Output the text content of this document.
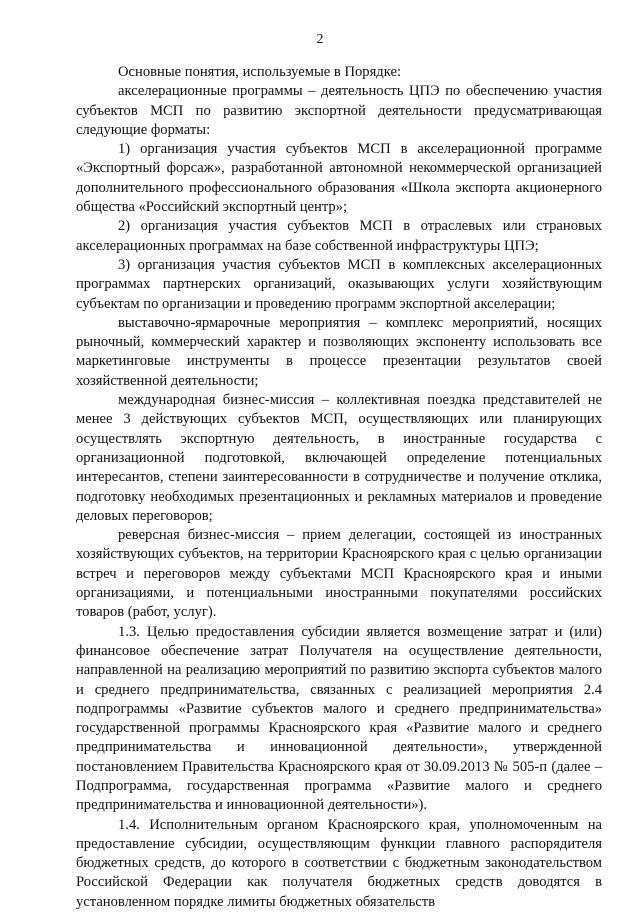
2

Основные понятия, используемые в Порядке:

акселерационные программы – деятельность ЦПЭ по обеспечению участия субъектов МСП по развитию экспортной деятельности предусматривающая следующие форматы:

1) организация участия субъектов МСП в акселерационной программе «Экспортный форсаж», разработанной автономной некоммерческой организацией дополнительного профессионального образования «Школа экспорта акционерного общества «Российский экспортный центр»;

2) организация участия субъектов МСП в отраслевых или страновых акселерационных программах на базе собственной инфраструктуры ЦПЭ;

3) организация участия субъектов МСП в комплексных акселерационных программах партнерских организаций, оказывающих услуги хозяйствующим субъектам по организации и проведению программ экспортной акселерации;

выставочно-ярмарочные мероприятия – комплекс мероприятий, носящих рыночный, коммерческий характер и позволяющих экспоненту использовать все маркетинговые инструменты в процессе презентации результатов своей хозяйственной деятельности;

международная бизнес-миссия – коллективная поездка представителей не менее 3 действующих субъектов МСП, осуществляющих или планирующих осуществлять экспортную деятельность, в иностранные государства с организационной подготовкой, включающей определение потенциальных интересантов, степени заинтересованности в сотрудничестве и получение отклика, подготовку необходимых презентационных и рекламных материалов и проведение деловых переговоров;

реверсная бизнес-миссия – прием делегации, состоящей из иностранных хозяйствующих субъектов, на территории Красноярского края с целью организации встреч и переговоров между субъектами МСП Красноярского края и иными организациями, и потенциальными иностранными покупателями российских товаров (работ, услуг).

1.3. Целью предоставления субсидии является возмещение затрат и (или) финансовое обеспечение затрат Получателя на осуществление деятельности, направленной на реализацию мероприятий по развитию экспорта субъектов малого и среднего предпринимательства, связанных с реализацией мероприятия 2.4 подпрограммы «Развитие субъектов малого и среднего предпринимательства» государственной программы Красноярского края «Развитие малого и среднего предпринимательства и инновационной деятельности», утвержденной постановлением Правительства Красноярского края от 30.09.2013 № 505-п (далее – Подпрограмма, государственная программа «Развитие малого и среднего предпринимательства и инновационной деятельности»).

1.4. Исполнительным органом Красноярского края, уполномоченным на предоставление субсидии, осуществляющим функции главного распорядителя бюджетных средств, до которого в соответствии с бюджетным законодательством Российской Федерации как получателя бюджетных средств доводятся в установленном порядке лимиты бюджетных обязательств
